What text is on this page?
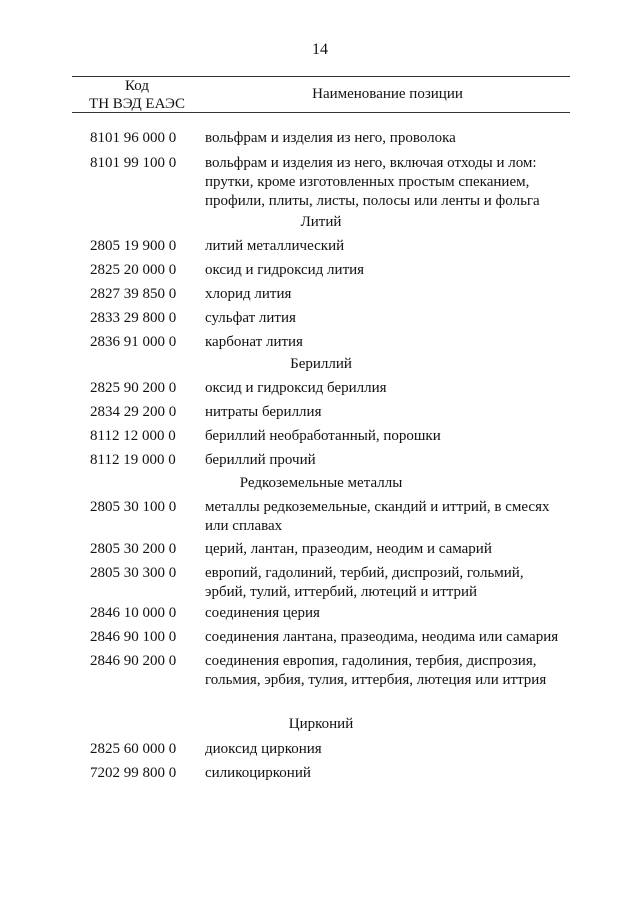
14
Код
ТН ВЭД ЕАЭС
Наименование позиции
8101 96 000 0 вольфрам и изделия из него, проволока
8101 99 100 0 вольфрам и изделия из него, включая отходы и лом:
прутки, кроме изготовленных простым спеканием,
профили, плиты, листы, полосы или ленты и фольга
Литий
2805 19 900 0 литий металлический
2825 20 000 0 оксид и гидроксид лития
2827 39 850 0 хлорид лития
2833 29 800 0 сульфат лития
2836 91 000 0 карбонат лития
Бериллий
2825 90 200 0 оксид и гидроксид бериллия
2834 29 200 0 нитраты бериллия
8112 12 000 0 бериллий необработанный, порошки
8112 19 000 0 бериллий прочий
Редкоземельные металлы
2805 30 100 0 металлы редкоземельные, скандий и иттрий, в смесях
или сплавах
2805 30 200 0 церий, лантан, празеодим, неодим и самарий
2805 30 300 0 европий, гадолиний, тербий, диспрозий, гольмий,
эрбий, тулий, иттербий, лютеций и иттрий
2846 10 000 0 соединения церия
2846 90 100 0 соединения лантана, празеодима, неодима или самария
2846 90 200 0 соединения европия, гадолиния, тербия, диспрозия,
гольмия, эрбия, тулия, иттербия, лютеция или иттрия
Цирконий
2825 60 000 0 диоксид циркония
7202 99 800 0 силикоцирконий
